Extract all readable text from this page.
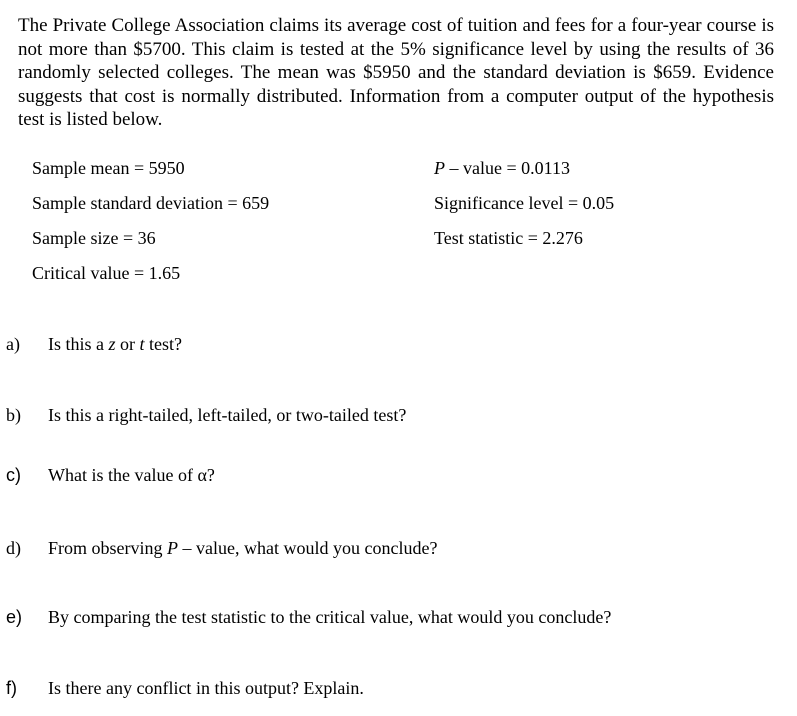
The Private College Association claims its average cost of tuition and fees for a four-year course is not more than $5700. This claim is tested at the 5% significance level by using the results of 36 randomly selected colleges. The mean was $5950 and the standard deviation is $659. Evidence suggests that cost is normally distributed. Information from a computer output of the hypothesis test is listed below.

Sample mean = 5950
Sample standard deviation = 659
Sample size = 36
Critical value = 1.65
P – value = 0.0113
Significance level = 0.05
Test statistic = 2.276
a) Is this a z or t test?
b) Is this a right-tailed, left-tailed, or two-tailed test?
c) What is the value of α?
d) From observing P – value, what would you conclude?
e) By comparing the test statistic to the critical value, what would you conclude?
f) Is there any conflict in this output? Explain.
